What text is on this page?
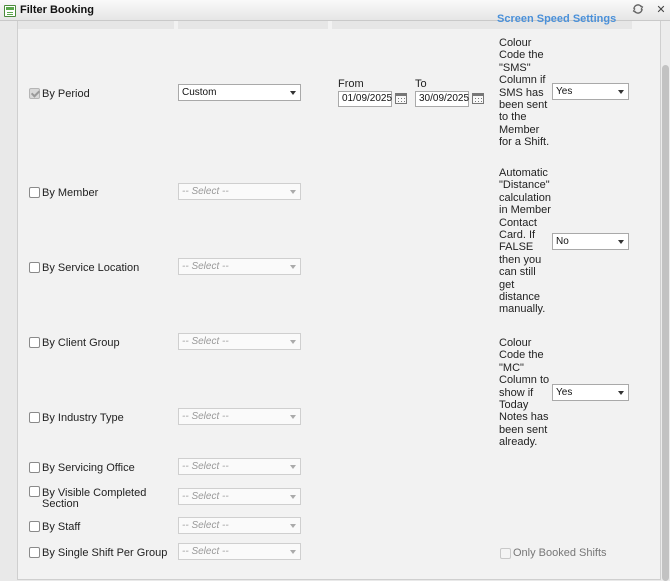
Filter Booking	✕
Screen Speed Settings
By Period	Custom
From
01/09/2025
To
30/09/2025
By Member	-- Select --
By Service Location	-- Select --
By Client Group	-- Select --
By Industry Type	-- Select --
By Servicing Office	-- Select --
By Visible Completed Section
-- Select --
By Staff	-- Select --
By Single Shift Per Group	-- Select --
Colour Code the "SMS" Column if SMS has been sent to the Member for a Shift.
Yes
Automatic "Distance" calculation in Member Contact Card. If FALSE then you can still get distance manually.
No
Colour Code the "MC" Column to show if Today Notes has been sent already.
Yes
Only Booked Shifts
